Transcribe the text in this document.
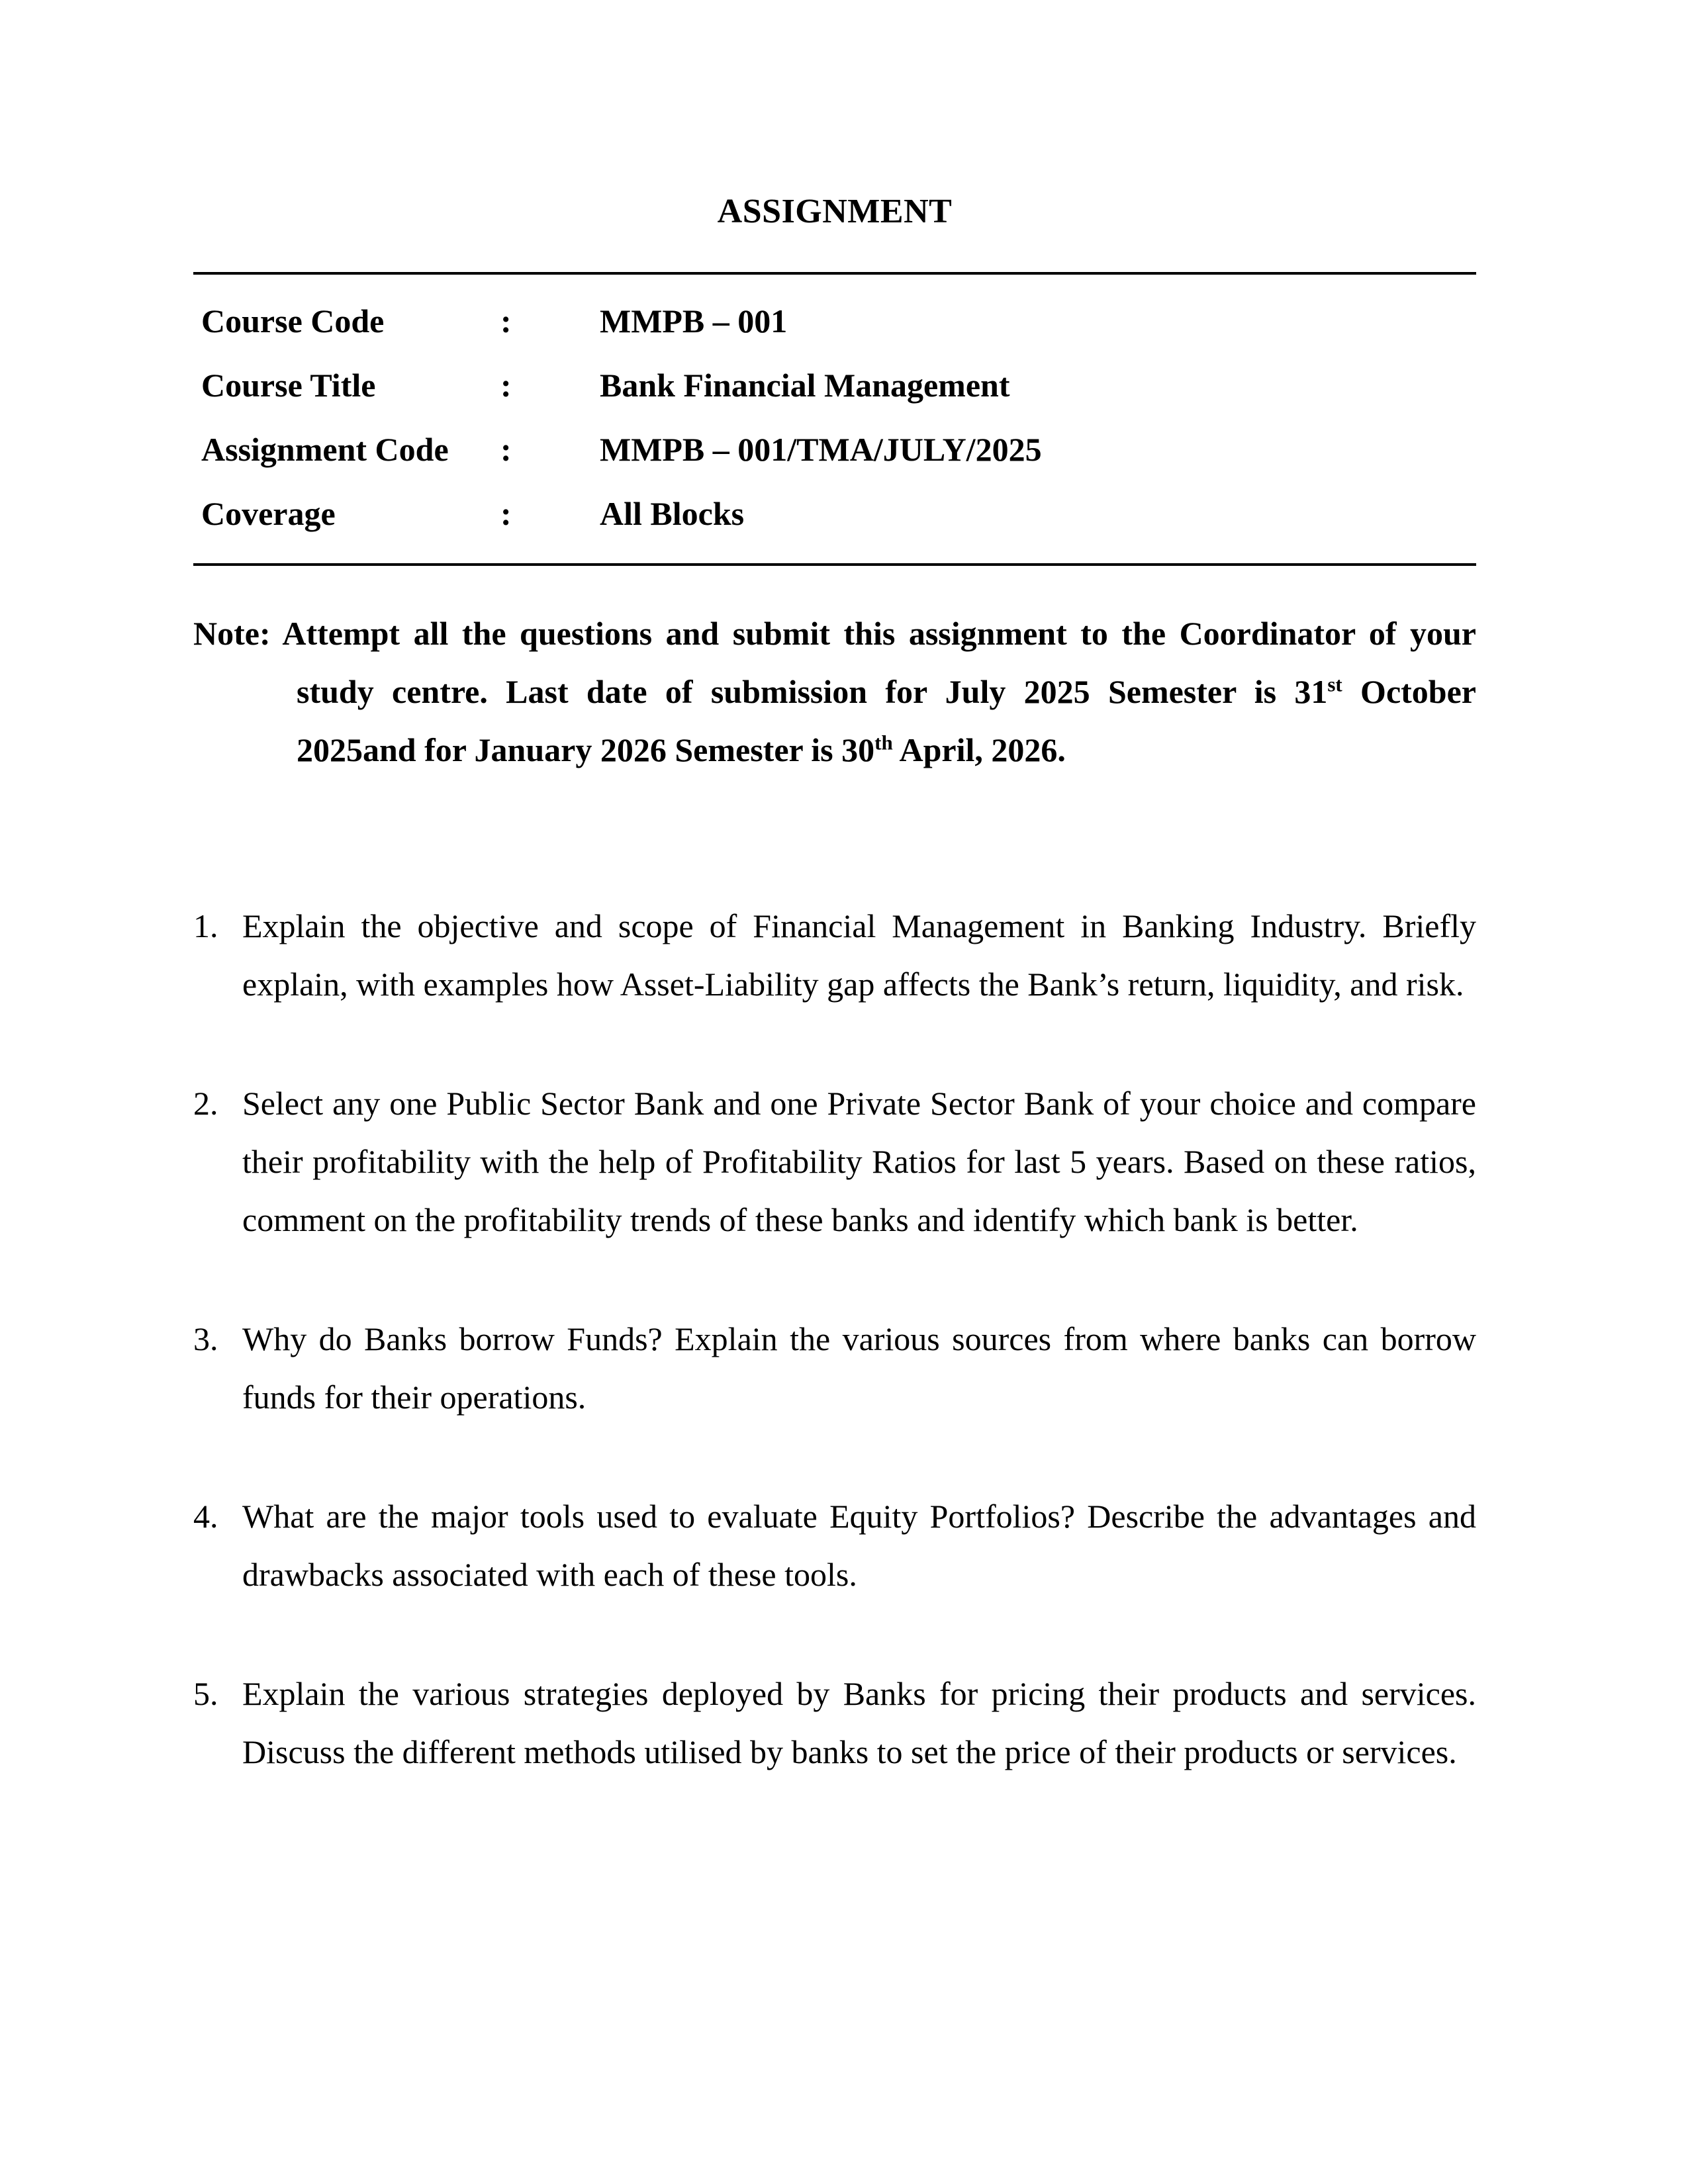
ASSIGNMENT
Course Code	:	MMPB – 001
Course Title	:	Bank Financial Management
Assignment Code	:	MMPB – 001/TMA/JULY/2025
Coverage	:	All Blocks

Note: Attempt all the questions and submit this assignment to the Coordinator of your study centre. Last date of submission for July 2025 Semester is 31st October 2025and for January 2026 Semester is 30th April, 2026.

1. Explain the objective and scope of Financial Management in Banking Industry. Briefly explain, with examples how Asset-Liability gap affects the Bank’s return, liquidity, and risk.
2. Select any one Public Sector Bank and one Private Sector Bank of your choice and compare their profitability with the help of Profitability Ratios for last 5 years. Based on these ratios, comment on the profitability trends of these banks and identify which bank is better.
3. Why do Banks borrow Funds? Explain the various sources from where banks can borrow funds for their operations.
4. What are the major tools used to evaluate Equity Portfolios? Describe the advantages and drawbacks associated with each of these tools.
5. Explain the various strategies deployed by Banks for pricing their products and services. Discuss the different methods utilised by banks to set the price of their products or services.
